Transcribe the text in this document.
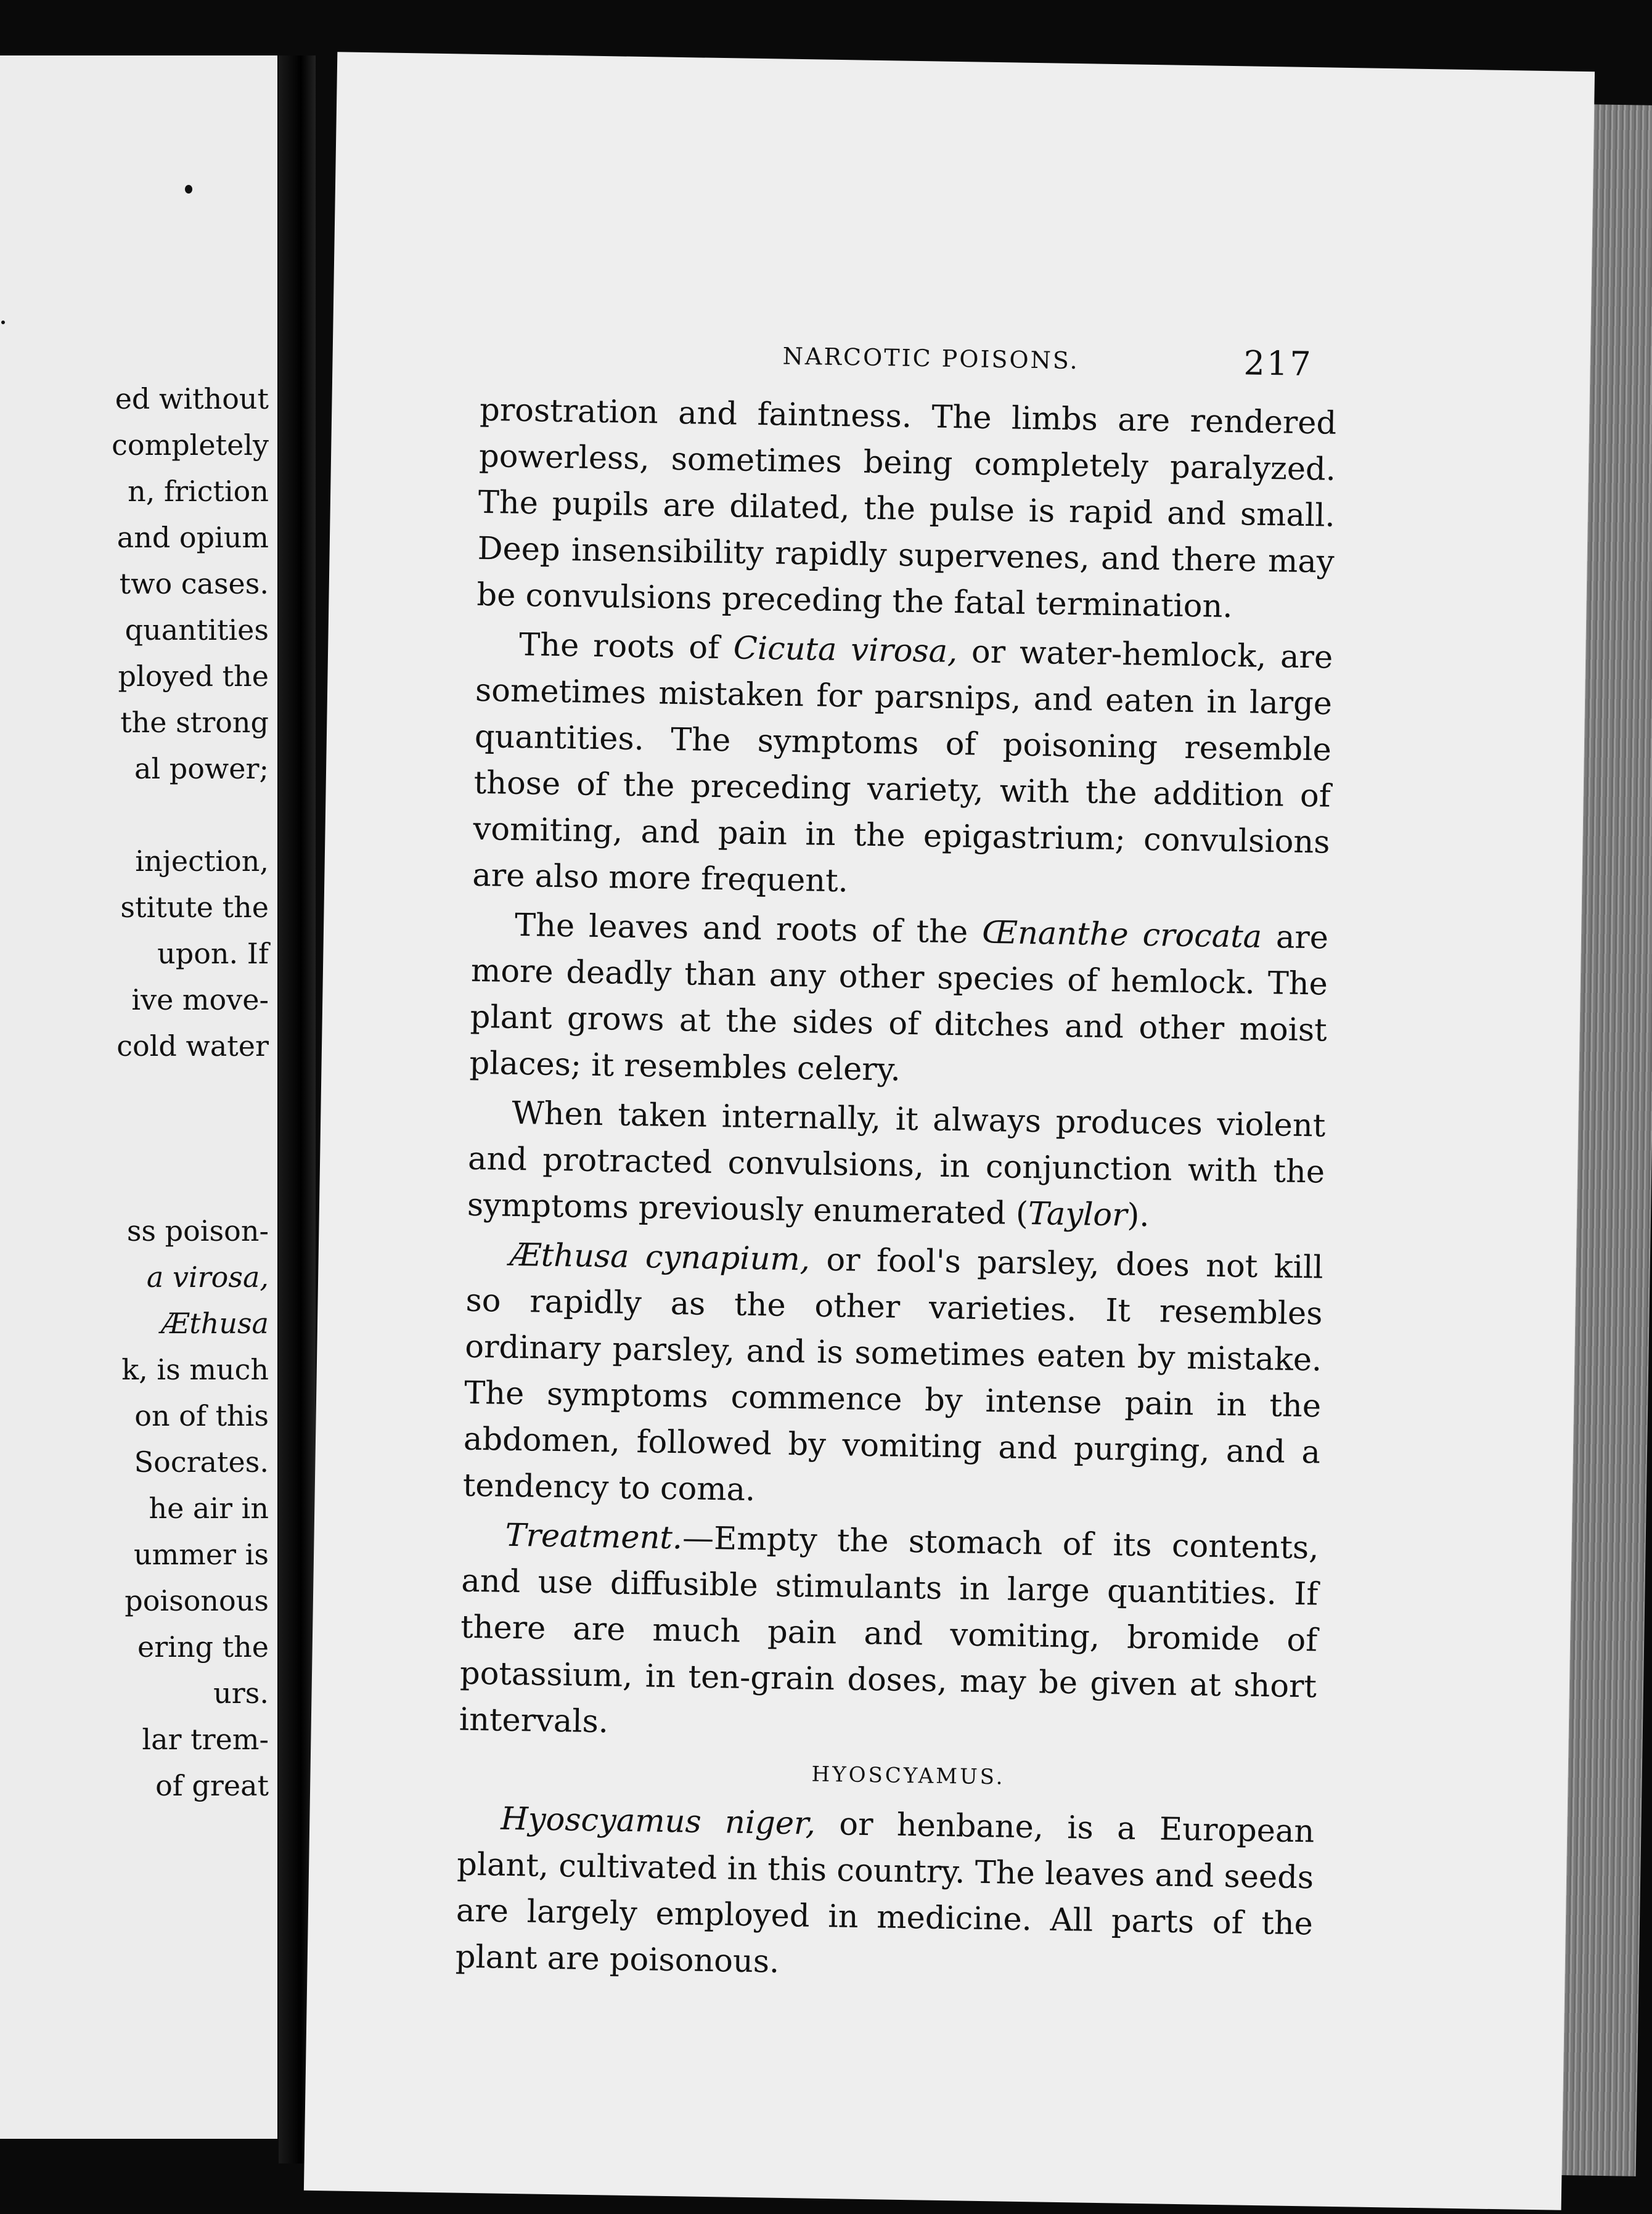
ed without
completely
n, friction
and opium
two cases.
quantities
ployed the
the strong
al power;
injection,
stitute the
upon. If
ive move-
cold water
ss poison-
a virosa,
Æthusa
k, is much
on of this
Socrates.
he air in
ummer is
poisonous
ering the
urs.
lar trem-
of great
NARCOTIC POISONS.	217

prostration and faintness. The limbs are rendered powerless, sometimes being completely paralyzed. The pupils are dilated, the pulse is rapid and small. Deep insensibility rapidly supervenes, and there may be convulsions preceding the fatal termination.

The roots of Cicuta virosa, or water-hemlock, are sometimes mistaken for parsnips, and eaten in large quantities. The symptoms of poisoning resemble those of the preceding variety, with the addition of vomiting, and pain in the epigastrium; convulsions are also more frequent.

The leaves and roots of the Œnanthe crocata are more deadly than any other species of hemlock. The plant grows at the sides of ditches and other moist places; it resembles celery.

When taken internally, it always produces violent and protracted convulsions, in conjunction with the symptoms previously enumerated (Taylor).

Æthusa cynapium, or fool's parsley, does not kill so rapidly as the other varieties. It resembles ordinary parsley, and is sometimes eaten by mistake. The symptoms commence by intense pain in the abdomen, followed by vomiting and purging, and a tendency to coma.

Treatment.—Empty the stomach of its contents, and use diffusible stimulants in large quantities. If there are much pain and vomiting, bromide of potassium, in ten-grain doses, may be given at short intervals.

HYOSCYAMUS.

Hyoscyamus niger, or henbane, is a European plant, cultivated in this country. The leaves and seeds are largely employed in medicine. All parts of the plant are poisonous.
